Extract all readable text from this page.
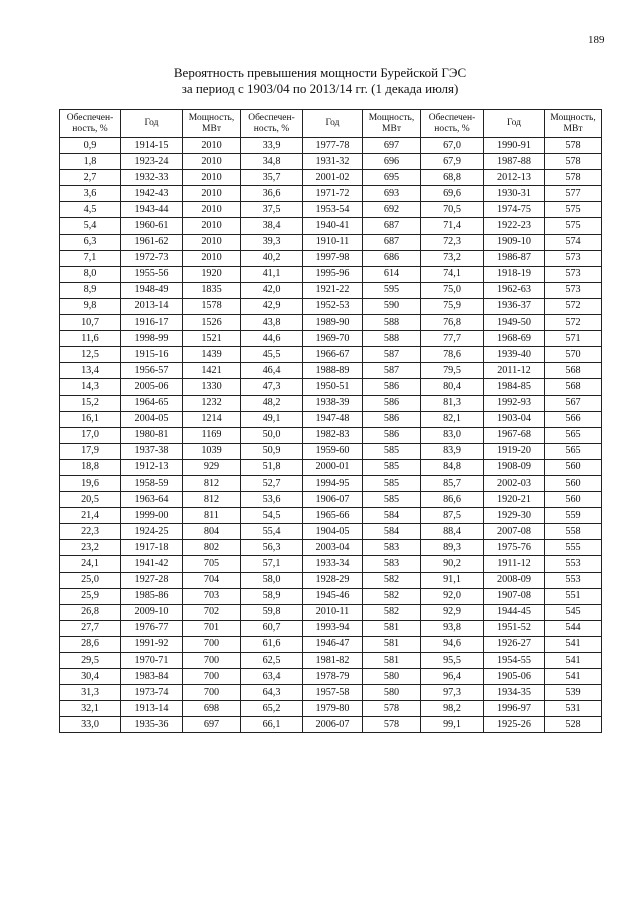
189
Вероятность превышения мощности Бурейской ГЭС
за период с 1903/04 по 2013/14 гг. (1 декада июля)
Обеспечен-ность, %	Год	Мощность, МВт	Обеспечен-ность, %	Год	Мощность, МВт	Обеспечен-ность, %	Год	Мощность, МВт
0,9	1914-15	2010	33,9	1977-78	697	67,0	1990-91	578
1,8	1923-24	2010	34,8	1931-32	696	67,9	1987-88	578
2,7	1932-33	2010	35,7	2001-02	695	68,8	2012-13	578
3,6	1942-43	2010	36,6	1971-72	693	69,6	1930-31	577
4,5	1943-44	2010	37,5	1953-54	692	70,5	1974-75	575
5,4	1960-61	2010	38,4	1940-41	687	71,4	1922-23	575
6,3	1961-62	2010	39,3	1910-11	687	72,3	1909-10	574
7,1	1972-73	2010	40,2	1997-98	686	73,2	1986-87	573
8,0	1955-56	1920	41,1	1995-96	614	74,1	1918-19	573
8,9	1948-49	1835	42,0	1921-22	595	75,0	1962-63	573
9,8	2013-14	1578	42,9	1952-53	590	75,9	1936-37	572
10,7	1916-17	1526	43,8	1989-90	588	76,8	1949-50	572
11,6	1998-99	1521	44,6	1969-70	588	77,7	1968-69	571
12,5	1915-16	1439	45,5	1966-67	587	78,6	1939-40	570
13,4	1956-57	1421	46,4	1988-89	587	79,5	2011-12	568
14,3	2005-06	1330	47,3	1950-51	586	80,4	1984-85	568
15,2	1964-65	1232	48,2	1938-39	586	81,3	1992-93	567
16,1	2004-05	1214	49,1	1947-48	586	82,1	1903-04	566
17,0	1980-81	1169	50,0	1982-83	586	83,0	1967-68	565
17,9	1937-38	1039	50,9	1959-60	585	83,9	1919-20	565
18,8	1912-13	929	51,8	2000-01	585	84,8	1908-09	560
19,6	1958-59	812	52,7	1994-95	585	85,7	2002-03	560
20,5	1963-64	812	53,6	1906-07	585	86,6	1920-21	560
21,4	1999-00	811	54,5	1965-66	584	87,5	1929-30	559
22,3	1924-25	804	55,4	1904-05	584	88,4	2007-08	558
23,2	1917-18	802	56,3	2003-04	583	89,3	1975-76	555
24,1	1941-42	705	57,1	1933-34	583	90,2	1911-12	553
25,0	1927-28	704	58,0	1928-29	582	91,1	2008-09	553
25,9	1985-86	703	58,9	1945-46	582	92,0	1907-08	551
26,8	2009-10	702	59,8	2010-11	582	92,9	1944-45	545
27,7	1976-77	701	60,7	1993-94	581	93,8	1951-52	544
28,6	1991-92	700	61,6	1946-47	581	94,6	1926-27	541
29,5	1970-71	700	62,5	1981-82	581	95,5	1954-55	541
30,4	1983-84	700	63,4	1978-79	580	96,4	1905-06	541
31,3	1973-74	700	64,3	1957-58	580	97,3	1934-35	539
32,1	1913-14	698	65,2	1979-80	578	98,2	1996-97	531
33,0	1935-36	697	66,1	2006-07	578	99,1	1925-26	528
